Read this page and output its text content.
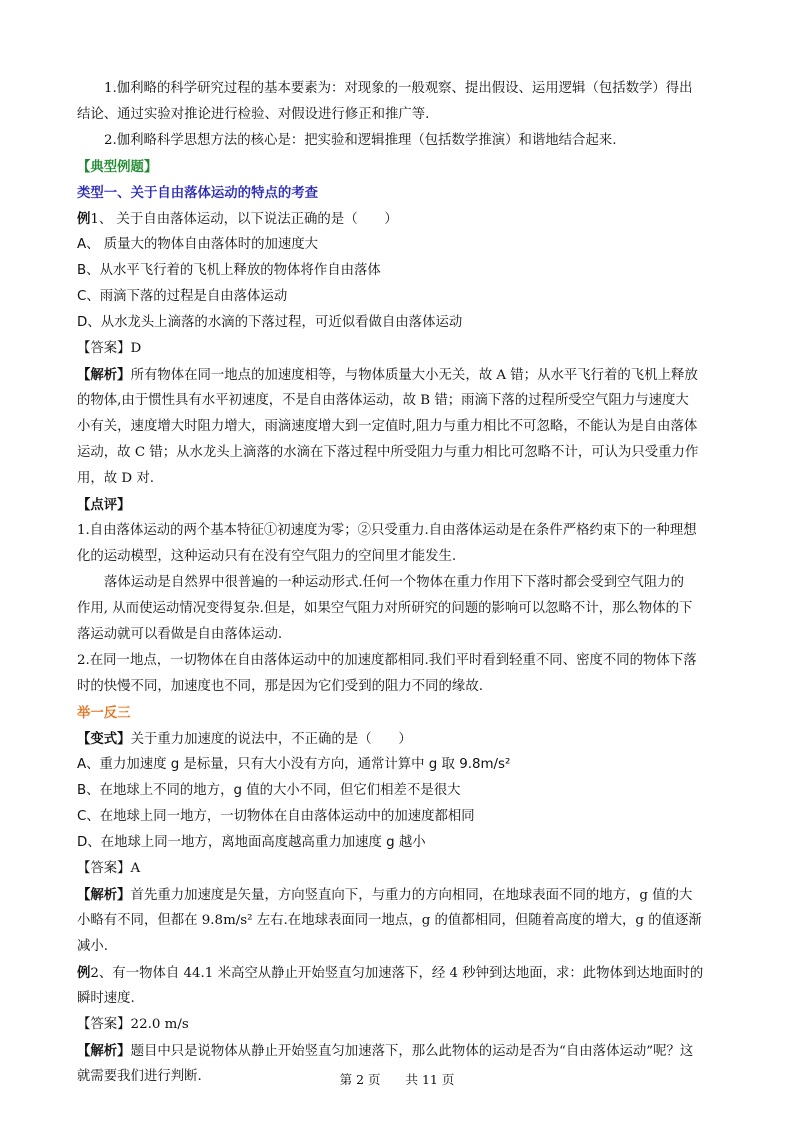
1.伽利略的科学研究过程的基本要素为：对现象的一般观察、提出假设、运用逻辑（包括数学）得出
结论、通过实验对推论进行检验、对假设进行修正和推广等.
2.伽利略科学思想方法的核心是：把实验和逻辑推理（包括数学推演）和谐地结合起来.
【典型例题】
类型一、关于自由落体运动的特点的考查
例1、 关于自由落体运动，以下说法正确的是（　　）
A、 质量大的物体自由落体时的加速度大
B、从水平飞行着的飞机上释放的物体将作自由落体
C、雨滴下落的过程是自由落体运动
D、从水龙头上滴落的水滴的下落过程，可近似看做自由落体运动
【答案】D
【解析】所有物体在同一地点的加速度相等，与物体质量大小无关，故 A 错；从水平飞行着的飞机上释放
的物体,由于惯性具有水平初速度，不是自由落体运动，故 B 错；雨滴下落的过程所受空气阻力与速度大
小有关，速度增大时阻力增大，雨滴速度增大到一定值时,阻力与重力相比不可忽略，不能认为是自由落体
运动，故 C 错；从水龙头上滴落的水滴在下落过程中所受阻力与重力相比可忽略不计，可认为只受重力作
用，故 D 对.
【点评】
1.自由落体运动的两个基本特征①初速度为零；②只受重力.自由落体运动是在条件严格约束下的一种理想
化的运动模型，这种运动只有在没有空气阻力的空间里才能发生.
落体运动是自然界中很普遍的一种运动形式.任何一个物体在重力作用下下落时都会受到空气阻力的
作用, 从而使运动情况变得复杂.但是，如果空气阻力对所研究的问题的影响可以忽略不计，那么物体的下
落运动就可以看做是自由落体运动.
2.在同一地点，一切物体在自由落体运动中的加速度都相同.我们平时看到轻重不同、密度不同的物体下落
时的快慢不同，加速度也不同，那是因为它们受到的阻力不同的缘故.
举一反三
【变式】关于重力加速度的说法中，不正确的是（　　）
A、重力加速度 g 是标量，只有大小没有方向，通常计算中 g 取 9.8m/s²
B、在地球上不同的地方，g 值的大小不同，但它们相差不是很大
C、在地球上同一地方，一切物体在自由落体运动中的加速度都相同
D、在地球上同一地方，离地面高度越高重力加速度 g 越小
【答案】A
【解析】首先重力加速度是矢量，方向竖直向下，与重力的方向相同，在地球表面不同的地方，g 值的大
小略有不同，但都在 9.8m/s² 左右.在地球表面同一地点，g 的值都相同，但随着高度的增大，g 的值逐渐
减小.
例2、有一物体自 44.1 米高空从静止开始竖直匀加速落下，经 4 秒钟到达地面，求：此物体到达地面时的
瞬时速度.
【答案】22.0 m/s
【解析】题目中只是说物体从静止开始竖直匀加速落下，那么此物体的运动是否为“自由落体运动”呢？这
就需要我们进行判断.	第 2 页　　共 11 页
